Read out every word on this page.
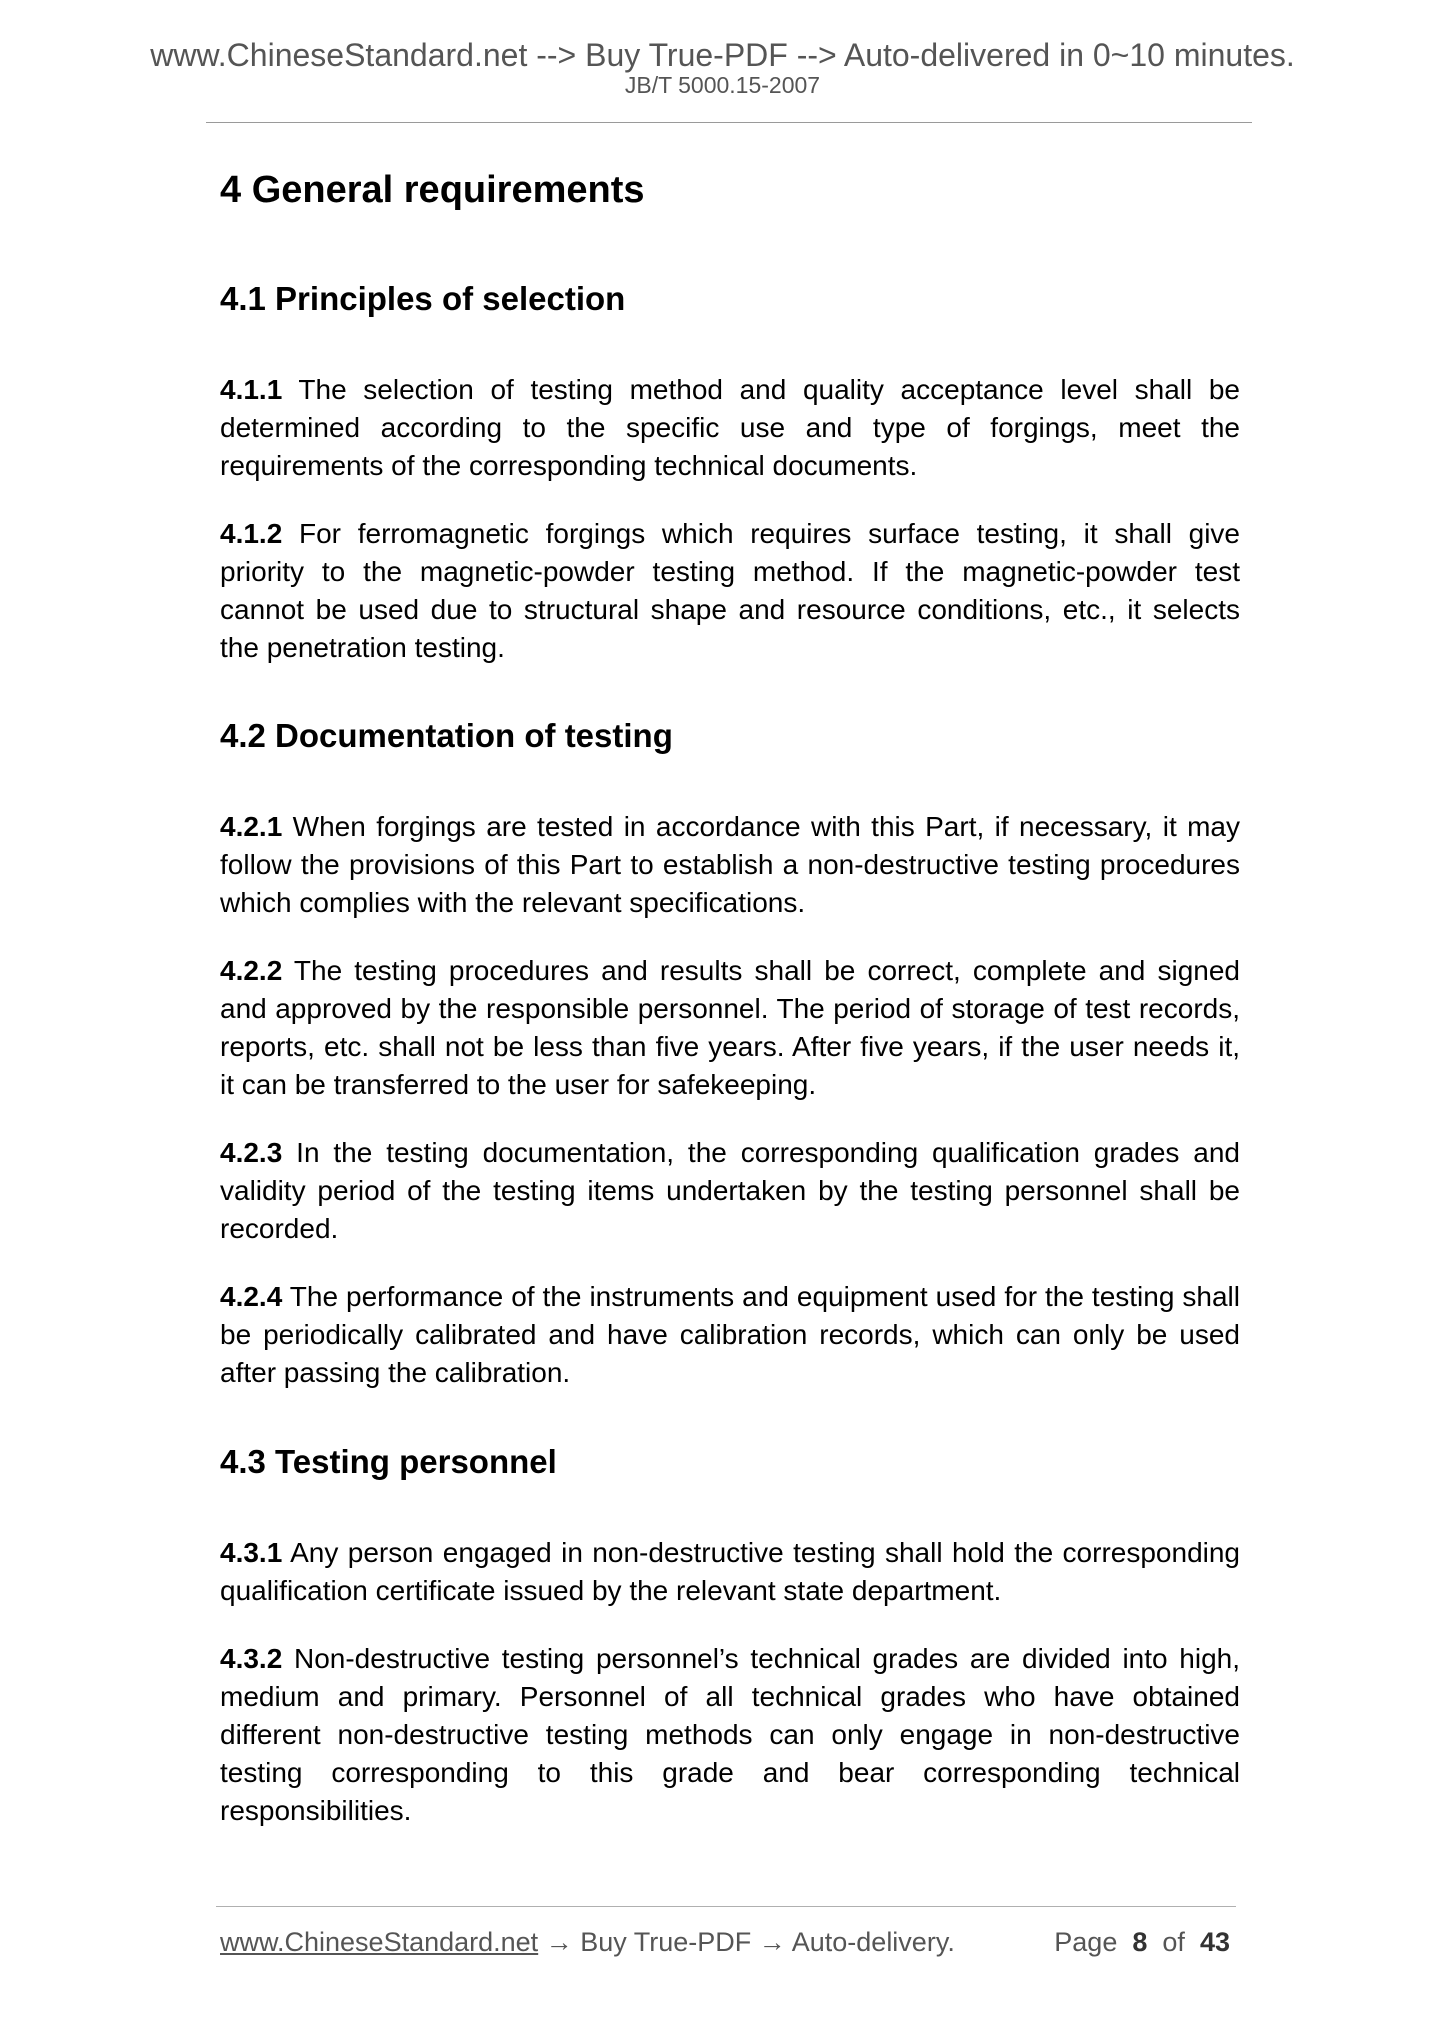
www.ChineseStandard.net --> Buy True-PDF --> Auto-delivered in 0~10 minutes.
JB/T 5000.15-2007
4 General requirements
4.1 Principles of selection

4.1.1 The selection of testing method and quality acceptance level shall be determined according to the specific use and type of forgings, meet the requirements of the corresponding technical documents.

4.1.2 For ferromagnetic forgings which requires surface testing, it shall give priority to the magnetic-powder testing method. If the magnetic-powder test cannot be used due to structural shape and resource conditions, etc., it selects the penetration testing.

4.2 Documentation of testing

4.2.1 When forgings are tested in accordance with this Part, if necessary, it may follow the provisions of this Part to establish a non-destructive testing procedures which complies with the relevant specifications.

4.2.2 The testing procedures and results shall be correct, complete and signed and approved by the responsible personnel. The period of storage of test records, reports, etc. shall not be less than five years. After five years, if the user needs it, it can be transferred to the user for safekeeping.

4.2.3 In the testing documentation, the corresponding qualification grades and validity period of the testing items undertaken by the testing personnel shall be recorded.

4.2.4 The performance of the instruments and equipment used for the testing shall be periodically calibrated and have calibration records, which can only be used after passing the calibration.

4.3 Testing personnel

4.3.1 Any person engaged in non-destructive testing shall hold the corresponding qualification certificate issued by the relevant state department.

4.3.2 Non-destructive testing personnel’s technical grades are divided into high, medium and primary. Personnel of all technical grades who have obtained different non-destructive testing methods can only engage in non-destructive testing corresponding to this grade and bear corresponding technical responsibilities.

www.ChineseStandard.net → Buy True-PDF → Auto-delivery.	Page 8 of 43
